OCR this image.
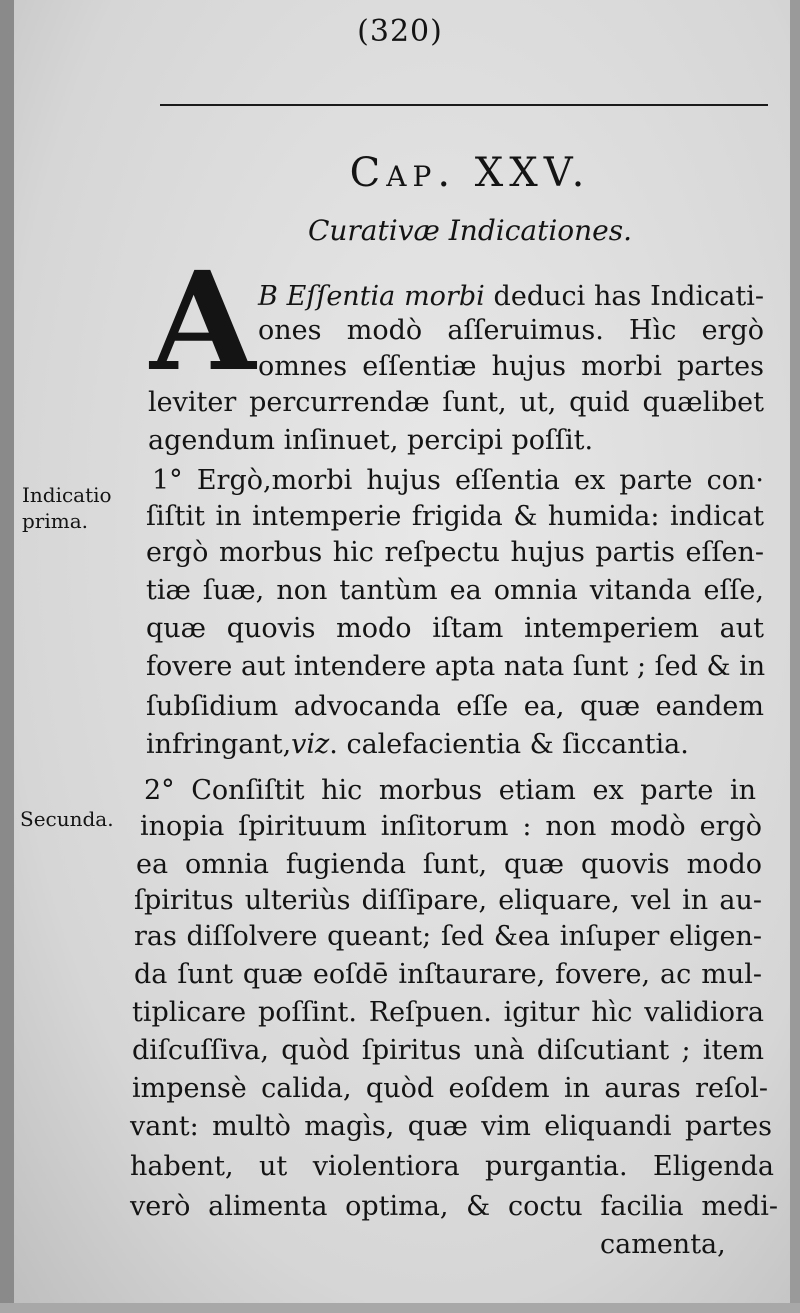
(320)
Cap. XXV.
Curativæ Indicationes.
A
Indicatio
prima.
Secunda.
B Eſſentia morbi deduci has Indicati-
ones modò aſſeruimus. Hìc ergò
omnes eſſentiæ hujus morbi partes
leviter percurrendæ ſunt, ut, quid quælibet
agendum inſinuet, percipi poſſit.
1° Ergò,morbi hujus eſſentia ex parte con·
ſiſtit in intemperie frigida & humida: indicat
ergò morbus hic reſpectu hujus partis eſſen-
tiæ ſuæ, non tantùm ea omnia vitanda eſſe,
quæ quovis modo iſtam intemperiem aut
fovere aut intendere apta nata ſunt ; ſed & in
ſubſidium advocanda eſſe ea, quæ eandem
infringant,viz. calefacientia & ſiccantia.
2° Conſiſtit hic morbus etiam ex parte in
inopia ſpirituum inſitorum : non modò ergò
ea omnia fugienda ſunt, quæ quovis modo
ſpiritus ulteriùs diſſipare, eliquare, vel in au-
ras diſſolvere queant; ſed &ea inſuper eligen-
da ſunt quæ eoſdē inſtaurare, fovere, ac mul-
tiplicare poſſint. Reſpuen. igitur hìc validiora
diſcuſſiva, quòd ſpiritus unà diſcutiant ; item
impensè calida, quòd eoſdem in auras reſol-
vant: multò magìs, quæ vim eliquandi partes
habent, ut violentiora purgantia. Eligenda
verò alimenta optima, & coctu facilia medi-
camenta,
